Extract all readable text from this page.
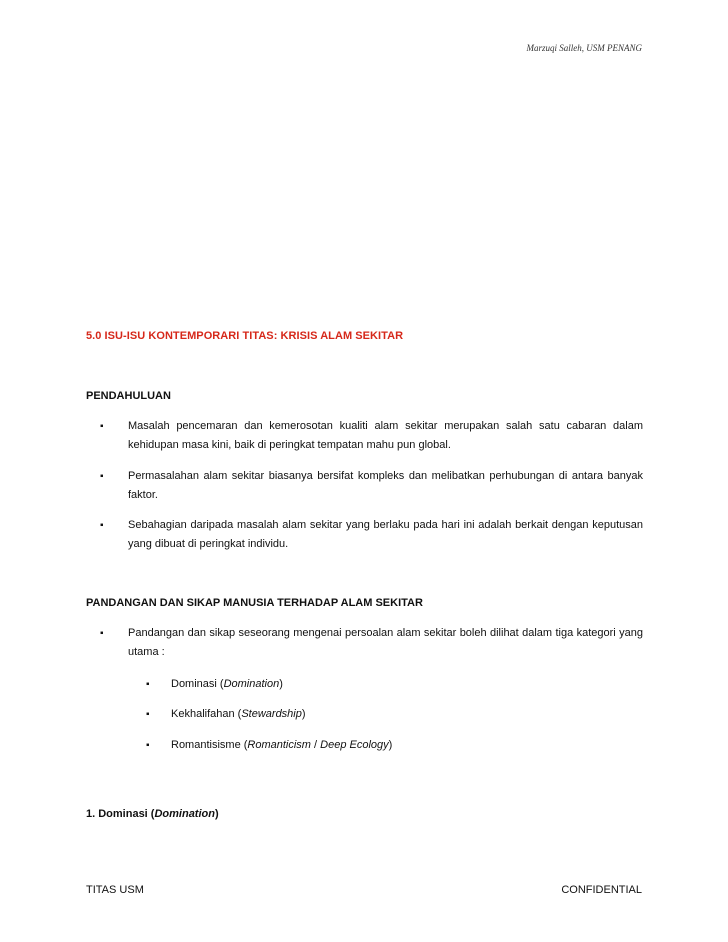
Marzuqi Salleh, USM PENANG
5.0 ISU-ISU KONTEMPORARI TITAS: KRISIS ALAM SEKITAR
PENDAHULUAN
▪ Masalah pencemaran dan kemerosotan kualiti alam sekitar merupakan salah satu cabaran dalam kehidupan masa kini, baik di peringkat tempatan mahu pun global.
▪ Permasalahan alam sekitar biasanya bersifat kompleks dan melibatkan perhubungan di antara banyak faktor.
▪ Sebahagian daripada masalah alam sekitar yang berlaku pada hari ini adalah berkait dengan keputusan yang dibuat di peringkat individu.
PANDANGAN DAN SIKAP MANUSIA TERHADAP ALAM SEKITAR
▪ Pandangan dan sikap seseorang mengenai persoalan alam sekitar boleh dilihat dalam tiga kategori yang utama :
▪ Dominasi (Domination)
▪ Kekhalifahan (Stewardship)
▪ Romantisisme (Romanticism / Deep Ecology)
1. Dominasi (Domination)
TITAS USM	CONFIDENTIAL
